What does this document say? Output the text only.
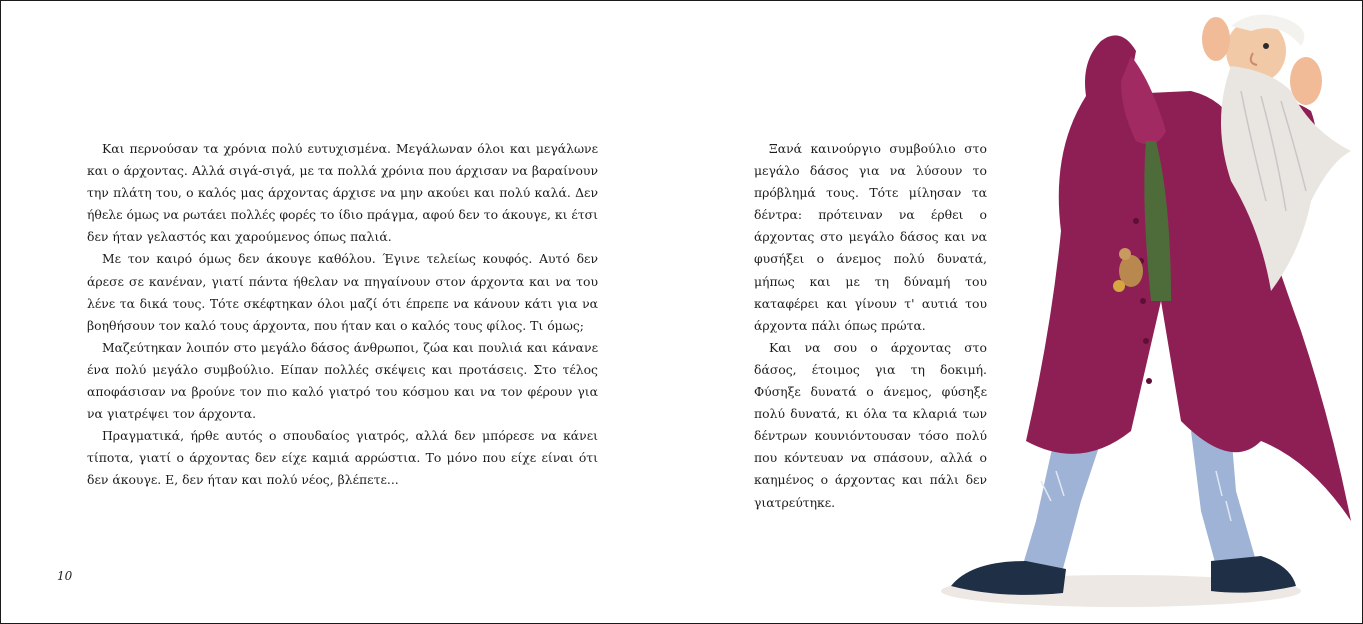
Και περνούσαν τα χρόνια πολύ ευτυχισμένα. Μεγάλωναν όλοι και μεγάλωνε και ο άρχοντας. Αλλά σιγά-σιγά, με τα πολλά χρόνια που άρχισαν να βαραίνουν την πλάτη του, ο καλός μας άρχοντας άρχισε να μην ακούει και πολύ καλά. Δεν ήθελε όμως να ρωτάει πολλές φορές το ίδιο πράγμα, αφού δεν το άκουγε, κι έτσι δεν ήταν γελαστός και χαρούμενος όπως παλιά.

Με τον καιρό όμως δεν άκουγε καθόλου. Έγινε τελείως κουφός. Αυτό δεν άρεσε σε κανέναν, γιατί πάντα ήθελαν να πηγαίνουν στον άρχοντα και να του λένε τα δικά τους. Τότε σκέφτηκαν όλοι μαζί ότι έπρεπε να κάνουν κάτι για να βοηθήσουν τον καλό τους άρχοντα, που ήταν και ο καλός τους φίλος. Τι όμως;

Μαζεύτηκαν λοιπόν στο μεγάλο δάσος άνθρωποι, ζώα και πουλιά και κάνανε ένα πολύ μεγάλο συμβούλιο. Είπαν πολλές σκέψεις και προτάσεις. Στο τέλος αποφάσισαν να βρούνε τον πιο καλό γιατρό του κόσμου και να τον φέρουν για να γιατρέψει τον άρχοντα.

Πραγματικά, ήρθε αυτός ο σπουδαίος γιατρός, αλλά δεν μπόρεσε να κάνει τίποτα, γιατί ο άρχοντας δεν είχε καμιά αρρώστια. Το μόνο που είχε είναι ότι δεν άκουγε. Ε, δεν ήταν και πολύ νέος, βλέπετε...

10

Ξανά καινούργιο συμβούλιο στο μεγάλο δάσος για να λύσουν το πρόβλημά τους. Τότε μίλησαν τα δέντρα: πρότειναν να έρθει ο άρχοντας στο μεγάλο δάσος και να φυσήξει ο άνεμος πολύ δυνατά, μήπως και με τη δύναμή του καταφέρει και γίνουν τ' αυτιά του άρχοντα πάλι όπως πρώτα.

Και να σου ο άρχοντας στο δάσος, έτοιμος για τη δοκιμή. Φύσηξε δυνατά ο άνεμος, φύσηξε πολύ δυνατά, κι όλα τα κλαριά των δέντρων κουνιόντουσαν τόσο πολύ που κόντευαν να σπάσουν, αλλά ο καημένος ο άρχοντας και πάλι δεν γιατρεύτηκε.
